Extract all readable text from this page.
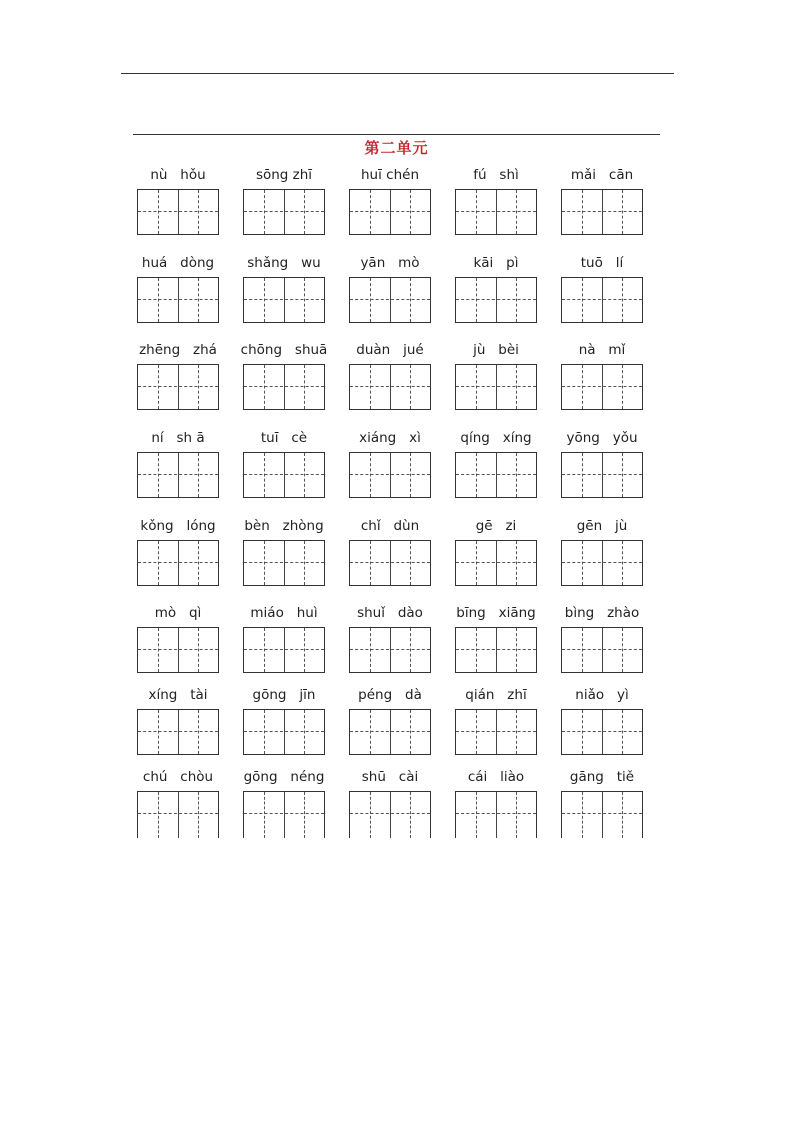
第二单元
nù   hǒu	sōng zhī	huī chén	fú   shì	mǎi   cān
huá   dòng	shǎng   wu	yān   mò	kāi   pì	tuō   lí
zhēng   zhá	chōng   shuā	duàn   jué	jù   bèi	nà   mǐ
ní   sh ā	tuī   cè	xiáng   xì	qíng   xíng	yōng   yǒu
kǒng   lóng	bèn   zhòng	chǐ   dùn	gē   zi	gēn   jù
mò   qì	miáo   huì	shuǐ   dào	bīng   xiāng	bìng   zhào
xíng   tài	gōng   jīn	péng   dà	qián   zhī	niǎo   yì
chú   chòu	gōng   néng	shū   cài	cái   liào	gāng   tiě
